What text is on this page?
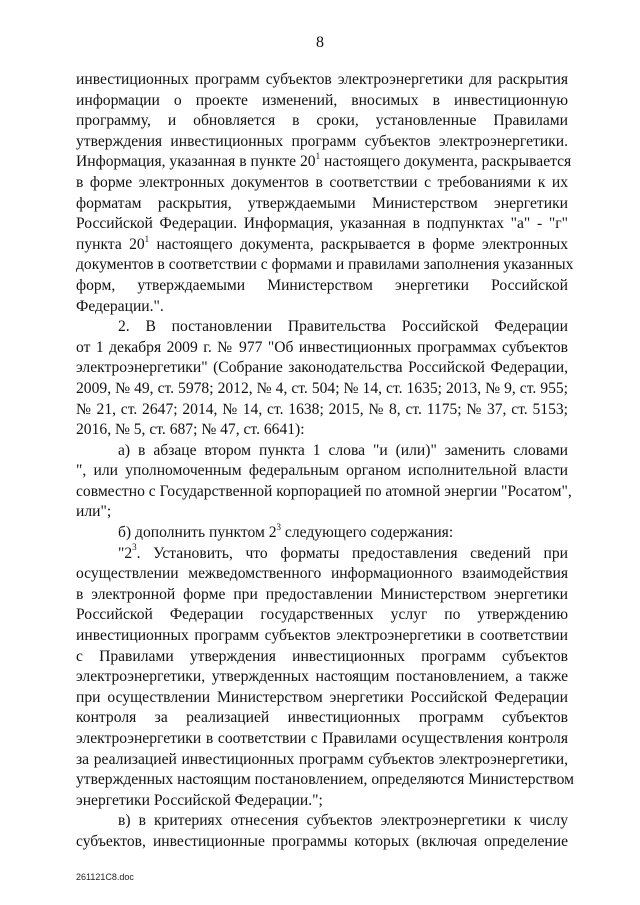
8
инвестиционных программ субъектов электроэнергетики для раскрытия
информации о проекте изменений, вносимых в инвестиционную
программу, и обновляется в сроки, установленные Правилами
утверждения инвестиционных программ субъектов электроэнергетики.
Информация, указанная в пункте $20^1$ настоящего документа, раскрывается
в форме электронных документов в соответствии с требованиями к их
форматам раскрытия, утверждаемыми Министерством энергетики
Российской Федерации. Информация, указанная в подпунктах "а" - "г"
пункта $20^1$ настоящего документа, раскрывается в форме электронных
документов в соответствии с формами и правилами заполнения указанных
форм, утверждаемыми Министерством энергетики Российской
Федерации.".
2. В постановлении Правительства Российской Федерации
от 1 декабря 2009 г. № 977 "Об инвестиционных программах субъектов
электроэнергетики" (Собрание законодательства Российской Федерации,
2009, № 49, ст. 5978; 2012, № 4, ст. 504; № 14, ст. 1635; 2013, № 9, ст. 955;
№ 21, ст. 2647; 2014, № 14, ст. 1638; 2015, № 8, ст. 1175; № 37, ст. 5153;
2016, № 5, ст. 687; № 47, ст. 6641):
а) в абзаце втором пункта 1 слова "и (или)" заменить словами
", или уполномоченным федеральным органом исполнительной власти
совместно с Государственной корпорацией по атомной энергии "Росатом",
или";
б) дополнить пунктом $2^3$ следующего содержания:
"$2^3$. Установить, что форматы предоставления сведений при
осуществлении межведомственного информационного взаимодействия
в электронной форме при предоставлении Министерством энергетики
Российской Федерации государственных услуг по утверждению
инвестиционных программ субъектов электроэнергетики в соответствии
с Правилами утверждения инвестиционных программ субъектов
электроэнергетики, утвержденных настоящим постановлением, а также
при осуществлении Министерством энергетики Российской Федерации
контроля за реализацией инвестиционных программ субъектов
электроэнергетики в соответствии с Правилами осуществления контроля
за реализацией инвестиционных программ субъектов электроэнергетики,
утвержденных настоящим постановлением, определяются Министерством
энергетики Российской Федерации.";
в) в критериях отнесения субъектов электроэнергетики к числу
субъектов, инвестиционные программы которых (включая определение
261121C8.doc
